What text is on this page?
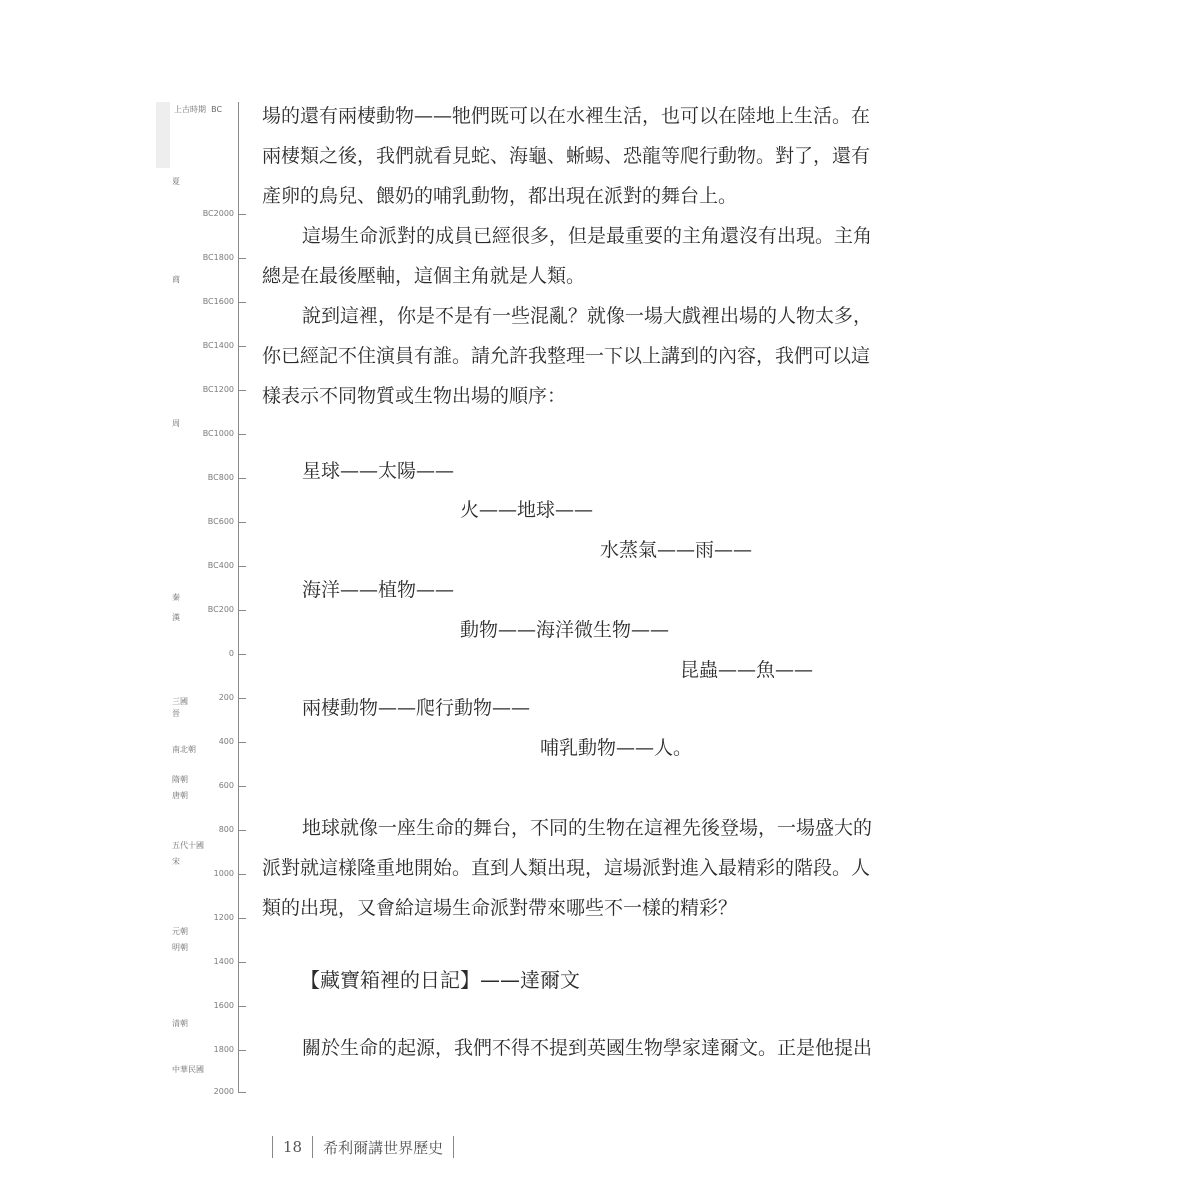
上古時期 BC
夏
商
周
秦
漢
三國
晉
南北朝
隋朝
唐朝
五代十國
宋
元朝
明朝
清朝
中華民國
BC2000
BC1800
BC1600
BC1400
BC1200
BC1000
BC800
BC600
BC400
BC200
0
200
400
600
800
1000
1200
1400
1600
1800
2000
場的還有兩棲動物——牠們既可以在水裡生活，也可以在陸地上生活。在
兩棲類之後，我們就看見蛇、海龜、蜥蜴、恐龍等爬行動物。對了，還有
產卵的鳥兒、餵奶的哺乳動物，都出現在派對的舞台上。
這場生命派對的成員已經很多，但是最重要的主角還沒有出現。主角
總是在最後壓軸，這個主角就是人類。
說到這裡，你是不是有一些混亂？就像一場大戲裡出場的人物太多，
你已經記不住演員有誰。請允許我整理一下以上講到的內容，我們可以這
樣表示不同物質或生物出場的順序：
星球——太陽——
火——地球——
水蒸氣——雨——
海洋——植物——
動物——海洋微生物——
昆蟲——魚——
兩棲動物——爬行動物——
哺乳動物——人。
地球就像一座生命的舞台，不同的生物在這裡先後登場，一場盛大的
派對就這樣隆重地開始。直到人類出現，這場派對進入最精彩的階段。人
類的出現，又會給這場生命派對帶來哪些不一樣的精彩？
【藏寶箱裡的日記】——達爾文
關於生命的起源，我們不得不提到英國生物學家達爾文。正是他提出
18 希利爾講世界歷史
